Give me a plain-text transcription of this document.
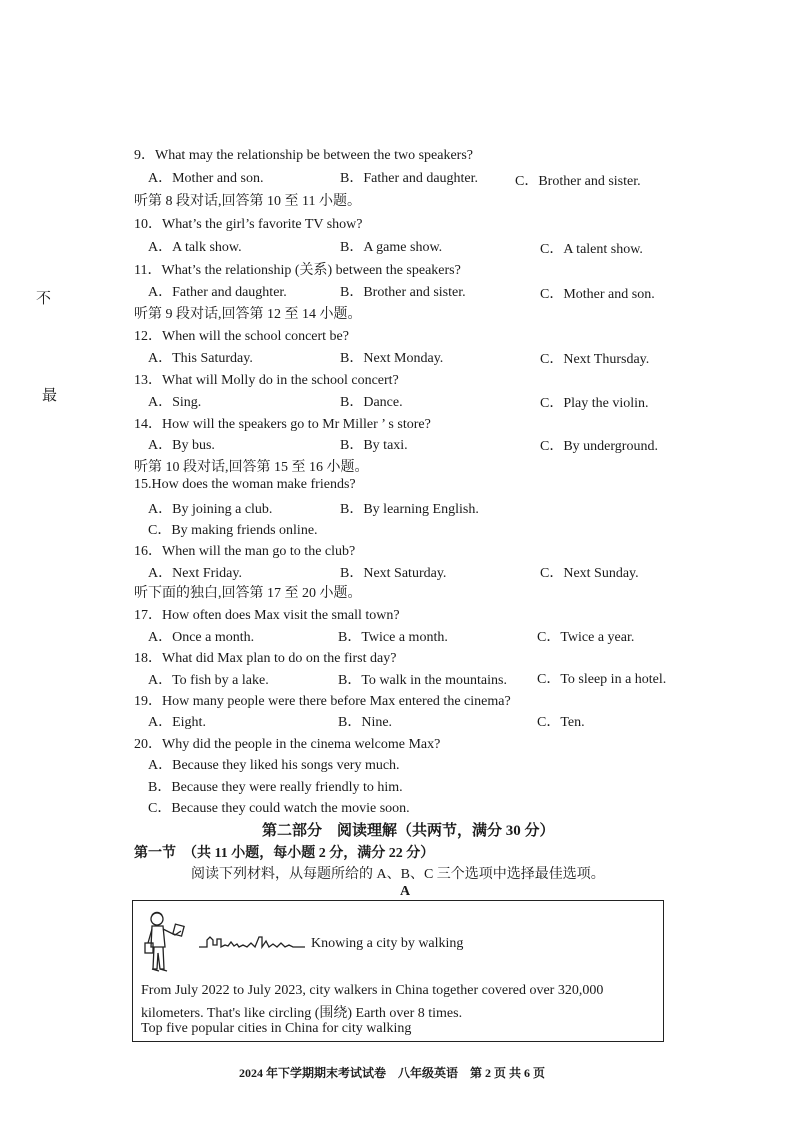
不
最
9．What may the relationship be between the two speakers?
A．Mother and son.	B．Father and daughter.	C．Brother and sister.
听第 8 段对话,回答第 10 至 11 小题。
10．What’s the girl’s favorite TV show?
A．A talk show.	B．A game show.	C．A talent show.
11．What’s the relationship (关系) between the speakers?
A．Father and daughter.	B．Brother and sister.	C．Mother and son.
听第 9 段对话,回答第 12 至 14 小题。
12．When will the school concert be?
A．This Saturday.	B．Next Monday.	C．Next Thursday.
13．What will Molly do in the school concert?
A．Sing.	B．Dance.	C．Play the violin.
14．How will the speakers go to Mr Miller ’ s store?
A．By bus.	B．By taxi.	C．By underground.
听第 10 段对话,回答第 15 至 16 小题。
15.How does the woman make friends?
A．By joining a club.	B．By learning English.
C．By making friends online.
16．When will the man go to the club?
A．Next Friday.	B．Next Saturday.	C．Next Sunday.
听下面的独白,回答第 17 至 20 小题。
17．How often does Max visit the small town?
A．Once a month.	B．Twice a month.	C．Twice a year.
18．What did Max plan to do on the first day?
A．To fish by a lake.	B．To walk in the mountains. C．To sleep in a hotel.
19．How many people were there before Max entered the cinema?
A．Eight.	B．Nine.	C．Ten.
20．Why did the people in the cinema welcome Max?
A．Because they liked his songs very much.
B．Because they were really friendly to him.
C．Because they could watch the movie soon.
第二部分　阅读理解（共两节，满分 30 分）
第一节　（共 11 小题，每小题 2 分，满分 22 分）
阅读下列材料，从每题所给的 A、B、C 三个选项中选择最佳选项。
A
Knowing a city by walking
From July 2022 to July 2023, city walkers in China together covered over 320,000
kilometers. That's like circling (围绕) Earth over 8 times.
Top five popular cities in China for city walking
2024 年下学期期末考试试卷　八年级英语　第 2 页 共 6 页
